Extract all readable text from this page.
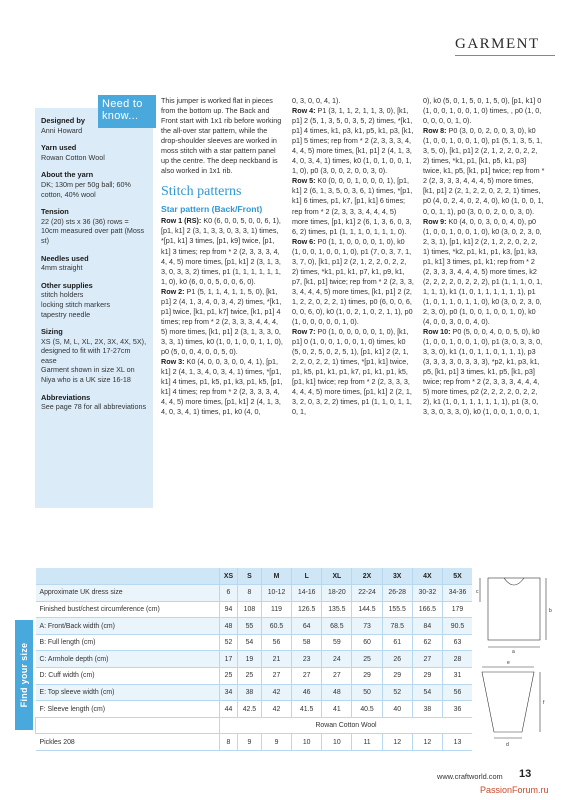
GARMENT
Designed by

Anni Howard

Yarn used

Rowan Cotton Wool

About the yarn

DK; 130m per 50g ball; 60% cotton, 40% wool

Tension

22 (20) sts x 36 (36) rows = 10cm measured over patt (Moss st)

Needles used

4mm straight

Other supplies

stitch holders

locking stitch markers

tapestry needle

Sizing

XS (S, M, L, XL, 2X, 3X, 4X, 5X), designed to fit with 17-27cm ease

Garment shown in size XL on Niya who is a UK size 16-18

Abbreviations

See page 78 for all abbreviations

Need to know...

This jumper is worked flat in pieces from the bottom up. The Back and Front start with 1x1 rib before working the all-over star pattern, while the drop-shoulder sleeves are worked in moss stitch with a star pattern panel up the centre. The deep neckband is also worked in 1x1 rib.

Stitch patterns
Star pattern (Back/Front)

Row 1 (RS): K0 (6, 0, 0, 5, 0, 0, 6, 1), [p1, k1] 2 (3, 1, 3, 3, 0, 3, 3, 1) times, *[p1, k1] 3 times, [p1, k9] twice, [p1, k1] 3 times; rep from * 2 (2, 3, 3, 3, 4, 4, 4, 5) more times, [p1, k1] 2 (3, 1, 3, 3, 0, 3, 3, 2) times, p1 (1, 1, 1, 1, 1, 1, 1, 0), k0 (6, 0, 0, 5, 0, 0, 6, 0).

Row 2: P1 (5, 1, 1, 4, 1, 1, 5, 0), [k1, p1] 2 (4, 1, 3, 4, 0, 3, 4, 2) times, *[k1, p1] twice, [k1, p1, k7] twice, [k1, p1] 4 times; rep from * 2 (2, 3, 3, 3, 4, 4, 4, 5) more times, [k1, p1] 2 (3, 1, 3, 3, 0, 3, 3, 1) times, k0 (1, 0, 1, 0, 0, 1, 1, 0), p0 (5, 0, 0, 4, 0, 0, 5, 0).

Row 3: K0 (4, 0, 0, 3, 0, 0, 4, 1), [p1, k1] 2 (4, 1, 3, 4, 0, 3, 4, 1) times, *[p1, k1] 4 times, p1, k5, p1, k3, p1, k5, [p1, k1] 4 times; rep from * 2 (2, 3, 3, 3, 4, 4, 4, 5) more times, [p1, k1] 2 (4, 1, 3, 4, 0, 3, 4, 1) times, p1, k0 (4, 0,

0, 3, 0, 0, 4, 1).

Row 4: P1 (3, 1, 1, 2, 1, 1, 3, 0), [k1, p1] 2 (5, 1, 3, 5, 0, 3, 5, 2) times, *[k1, p1] 4 times, k1, p3, k1, p5, k1, p3, [k1, p1] 5 times; rep from * 2 (2, 3, 3, 3, 4, 4, 4, 5) more times, [k1, p1] 2 (4, 1, 3, 4, 0, 3, 4, 1) times, k0 (1, 0, 1, 0, 0, 1, 1, 0), p0 (3, 0, 0, 2, 0, 0, 3, 0).

Row 5: K0 (0, 0, 0, 1, 0, 0, 0, 1), [p1, k1] 2 (6, 1, 3, 5, 0, 3, 6, 1) times, *[p1, k1] 6 times, p1, k7, [p1, k1] 6 times; rep from * 2 (2, 3, 3, 3, 4, 4, 4, 5) more times, [p1, k1] 2 (6, 1, 3, 6, 0, 3, 6, 2) times, p1 (1, 1, 1, 0, 1, 1, 1, 0).

Row 6: P0 (1, 1, 0, 0, 0, 0, 1, 0), k0 (1, 0, 0, 1, 0, 0, 1, 0), p1 (7, 0, 3, 7, 1, 3, 7, 0), [k1, p1] 2 (2, 1, 2, 2, 0, 2, 2, 2) times, *k1, p1, k1, p7, k1, p9, k1, p7, [k1, p1] twice; rep from * 2 (2, 3, 3, 3, 4, 4, 4, 5) more times, [k1, p1] 2 (2, 1, 2, 2, 0, 2, 2, 1) times, p0 (6, 0, 0, 6, 0, 0, 6, 0), k0 (1, 0, 2, 1, 0, 2, 1, 1), p0 (1, 0, 0, 0, 0, 0, 1, 0).

Row 7: P0 (1, 0, 0, 0, 0, 0, 1, 0), [k1, p1] 0 (1, 0, 0, 1, 0, 0, 1, 0) times, k0 (5, 0, 2, 5, 0, 2, 5, 1), [p1, k1] 2 (2, 1, 2, 2, 0, 2, 2, 1) times, *[p1, k1] twice, p1, k5, p1, k1, p1, k7, p1, k1, p1, k5, [p1, k1] twice; rep from * 2 (2, 3, 3, 3, 4, 4, 4, 5) more times, [p1, k1] 2 (2, 1, 3, 2, 0, 3, 2, 2) times, p1 (1, 1, 0, 1, 1, 0, 1,

0), k0 (5, 0, 1, 5, 0, 1, 5, 0), [p1, k1] 0 (1, 0, 0, 1, 0, 0, 1, 0) times, , p0 (1, 0, 0, 0, 0, 0, 1, 0).

Row 8: P0 (3, 0, 0, 2, 0, 0, 3, 0), k0 (1, 0, 0, 1, 0, 0, 1, 0), p1 (5, 1, 3, 5, 1, 3, 5, 0), [k1, p1] 2 (2, 1, 2, 2, 0, 2, 2, 2) times, *k1, p1, [k1, p5, k1, p3] twice, k1, p5, [k1, p1] twice; rep from * 2 (2, 3, 3, 3, 4, 4, 4, 5) more times, [k1, p1] 2 (2, 1, 2, 2, 0, 2, 2, 1) times, p0 (4, 0, 2, 4, 0, 2, 4, 0), k0 (1, 0, 0, 1, 0, 0, 1, 1), p0 (3, 0, 0, 2, 0, 0, 3, 0).

Row 9: K0 (4, 0, 0, 3, 0, 0, 4, 0), p0 (1, 0, 0, 1, 0, 0, 1, 0), k0 (3, 0, 2, 3, 0, 2, 3, 1), [p1, k1] 2 (2, 1, 2, 2, 0, 2, 2, 1) times, *k2, p1, k1, p1, k3, [p1, k3, p1, k1] 3 times, p1, k1; rep from * 2 (2, 3, 3, 3, 4, 4, 4, 5) more times, k2 (2, 2, 2, 2, 0, 2, 2, 2), p1 (1, 1, 1, 0, 1, 1, 1, 1), k1 (1, 0, 1, 1, 1, 1, 1, 1), p1 (1, 0, 1, 1, 0, 1, 1, 0), k0 (3, 0, 2, 3, 0, 2, 3, 0), p0 (1, 0, 0, 1, 0, 0, 1, 0), k0 (4, 0, 0, 3, 0, 0, 4, 0).

Row 10: P0 (5, 0, 0, 4, 0, 0, 5, 0), k0 (1, 0, 0, 1, 0, 0, 1, 0), p1 (3, 0, 3, 3, 0, 3, 3, 0), k1 (1, 0, 1, 1, 0, 1, 1, 1), p3 (3, 3, 3, 3, 0, 3, 3, 3), *p2, k1, p3, k1, p5, [k1, p1] 3 times, k1, p5, [k1, p3] twice; rep from * 2 (2, 3, 3, 3, 4, 4, 4, 5) more times, p2 (2, 2, 2, 2, 0, 2, 2, 2), k1 (1, 0, 1, 1, 1, 1, 1, 1), p1 (3, 0, 3, 3, 0, 3, 3, 0), k0 (1, 0, 0, 1, 0, 0, 1,

Find your size
	XS	S	M	L	XL	2X	3X	4X	5X
Approximate UK dress size	6	8	10-12	14-16	18-20	22-24	26-28	30-32	34-36
Finished bust/chest circumference (cm)	94	108	119	126.5	135.5	144.5	155.5	166.5	179
A: Front/Back width (cm)	48	55	60.5	64	68.5	73	78.5	84	90.5
B: Full length (cm)	52	54	56	58	59	60	61	62	63
C: Armhole depth (cm)	17	19	21	23	24	25	26	27	28
D: Cuff width (cm)	25	25	27	27	27	29	29	29	31
E: Top sleeve width (cm)	34	38	42	46	48	50	52	54	56
F: Sleeve length (cm)	44	42.5	42	41.5	41	40.5	40	38	36
	Rowan Cotton Wool								
Pickles 208	8	9	9	10	10	11	12	12	13
a
b
c
d
e
f
www.craftworld.com 13
PassionForum.ru
